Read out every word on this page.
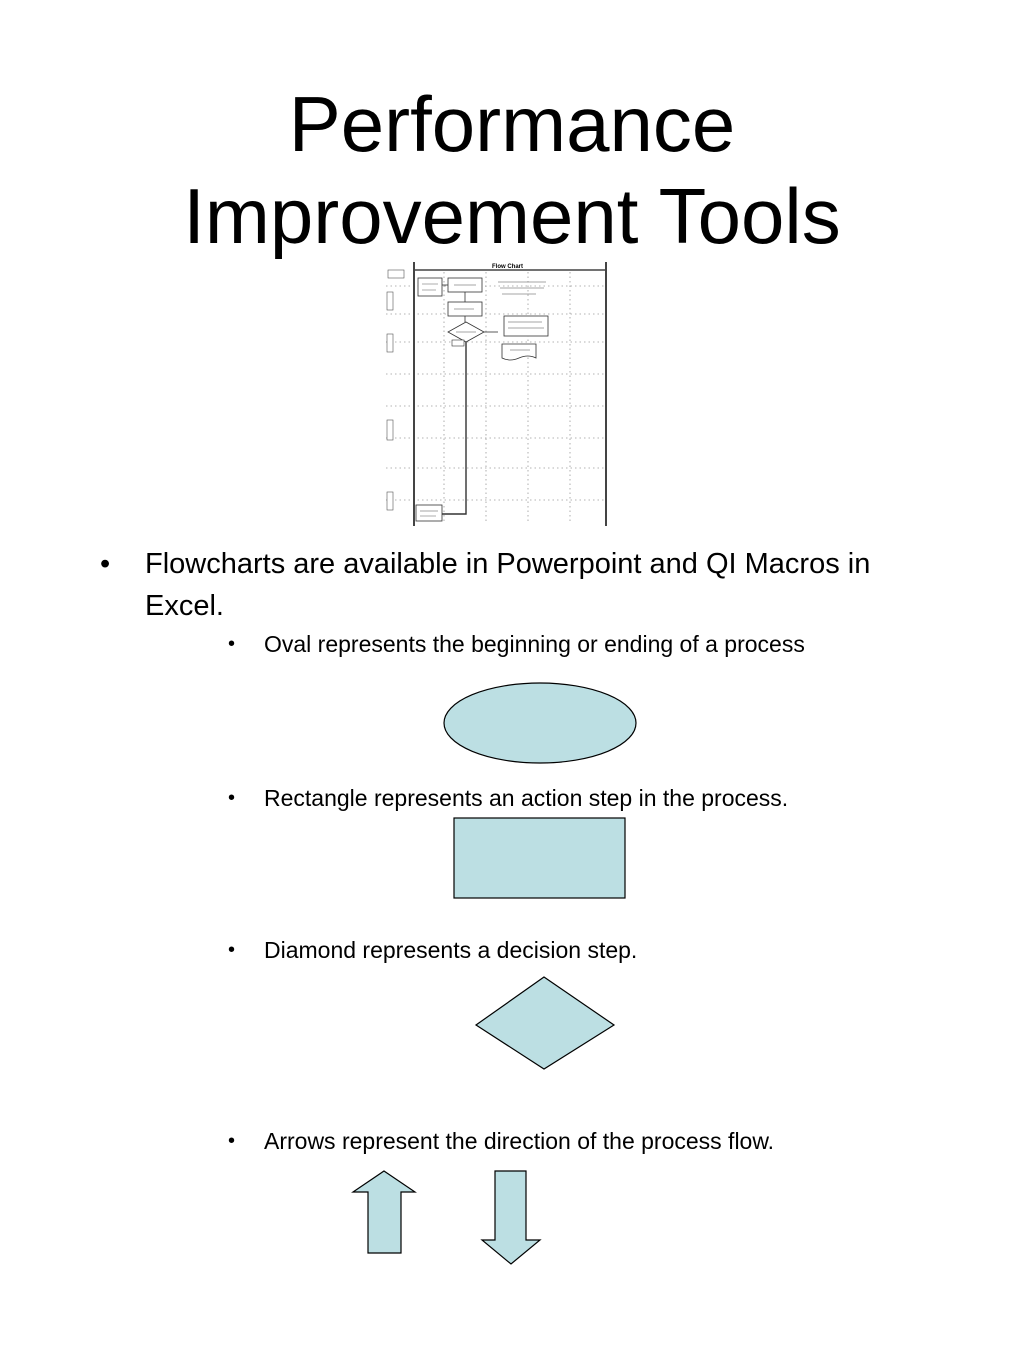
Performance
Improvement Tools
Flow Chart
• Flowcharts are available in Powerpoint and QI Macros in Excel.
• Oval represents the beginning or ending of a process
• Rectangle represents an action step in the process.
• Diamond represents a decision step.
• Arrows represent the direction of the process flow.
